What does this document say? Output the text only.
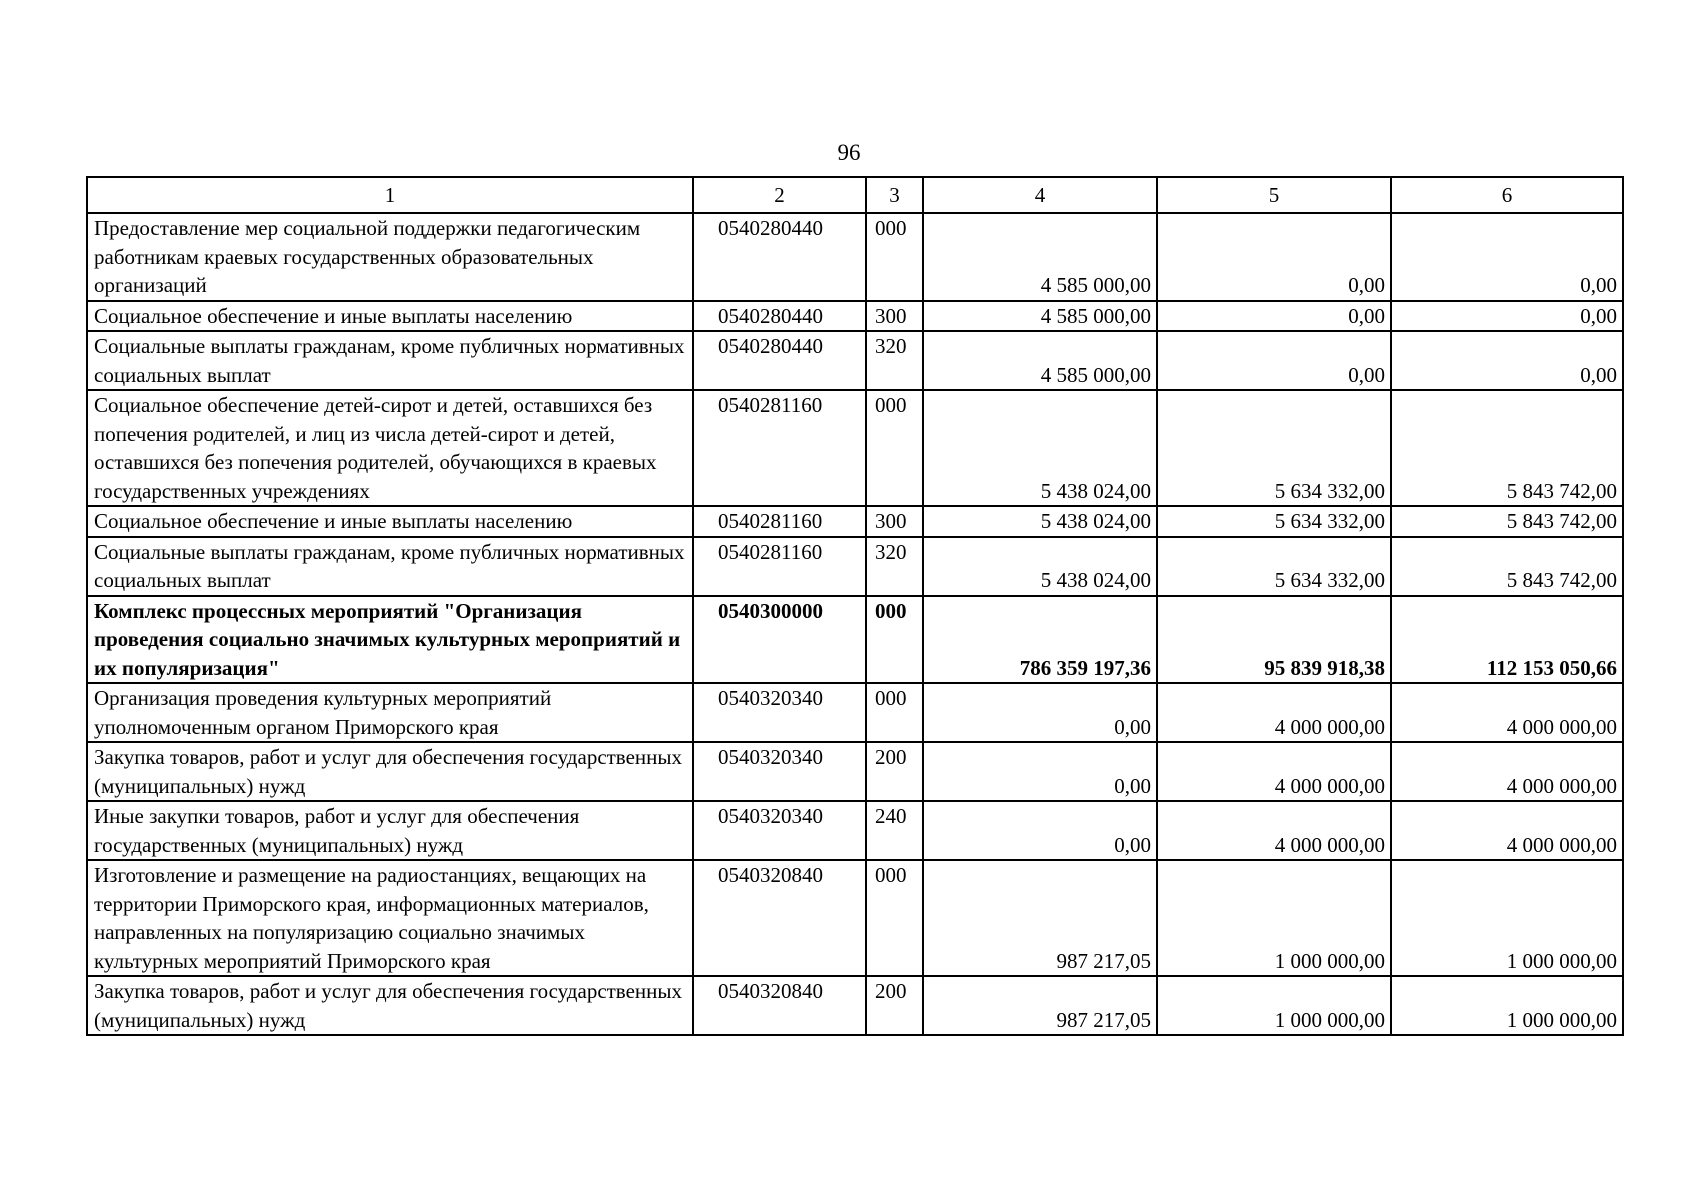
96
1	2	3	4	5	6
Предоставление мер социальной поддержки педагогическим работникам краевых государственных образовательных организаций	0540280440	000	4 585 000,00	0,00	0,00
Социальное обеспечение и иные выплаты населению	0540280440	300	4 585 000,00	0,00	0,00
Социальные выплаты гражданам, кроме публичных нормативных социальных выплат	0540280440	320	4 585 000,00	0,00	0,00
Социальное обеспечение детей-сирот и детей, оставшихся без попечения родителей, и лиц из числа детей-сирот и детей, оставшихся без попечения родителей, обучающихся в краевых государственных учреждениях	0540281160	000	5 438 024,00	5 634 332,00	5 843 742,00
Социальное обеспечение и иные выплаты населению	0540281160	300	5 438 024,00	5 634 332,00	5 843 742,00
Социальные выплаты гражданам, кроме публичных нормативных социальных выплат	0540281160	320	5 438 024,00	5 634 332,00	5 843 742,00
Комплекс процессных мероприятий "Организация проведения социально значимых культурных мероприятий и их популяризация"	0540300000	000	786 359 197,36	95 839 918,38	112 153 050,66
Организация проведения культурных мероприятий уполномоченным органом Приморского края	0540320340	000	0,00	4 000 000,00	4 000 000,00
Закупка товаров, работ и услуг для обеспечения государственных (муниципальных) нужд	0540320340	200	0,00	4 000 000,00	4 000 000,00
Иные закупки товаров, работ и услуг для обеспечения государственных (муниципальных) нужд	0540320340	240	0,00	4 000 000,00	4 000 000,00
Изготовление и размещение на радиостанциях, вещающих на территории Приморского края, информационных материалов, направленных на популяризацию социально значимых культурных мероприятий Приморского края	0540320840	000	987 217,05	1 000 000,00	1 000 000,00
Закупка товаров, работ и услуг для обеспечения государственных (муниципальных) нужд	0540320840	200	987 217,05	1 000 000,00	1 000 000,00
